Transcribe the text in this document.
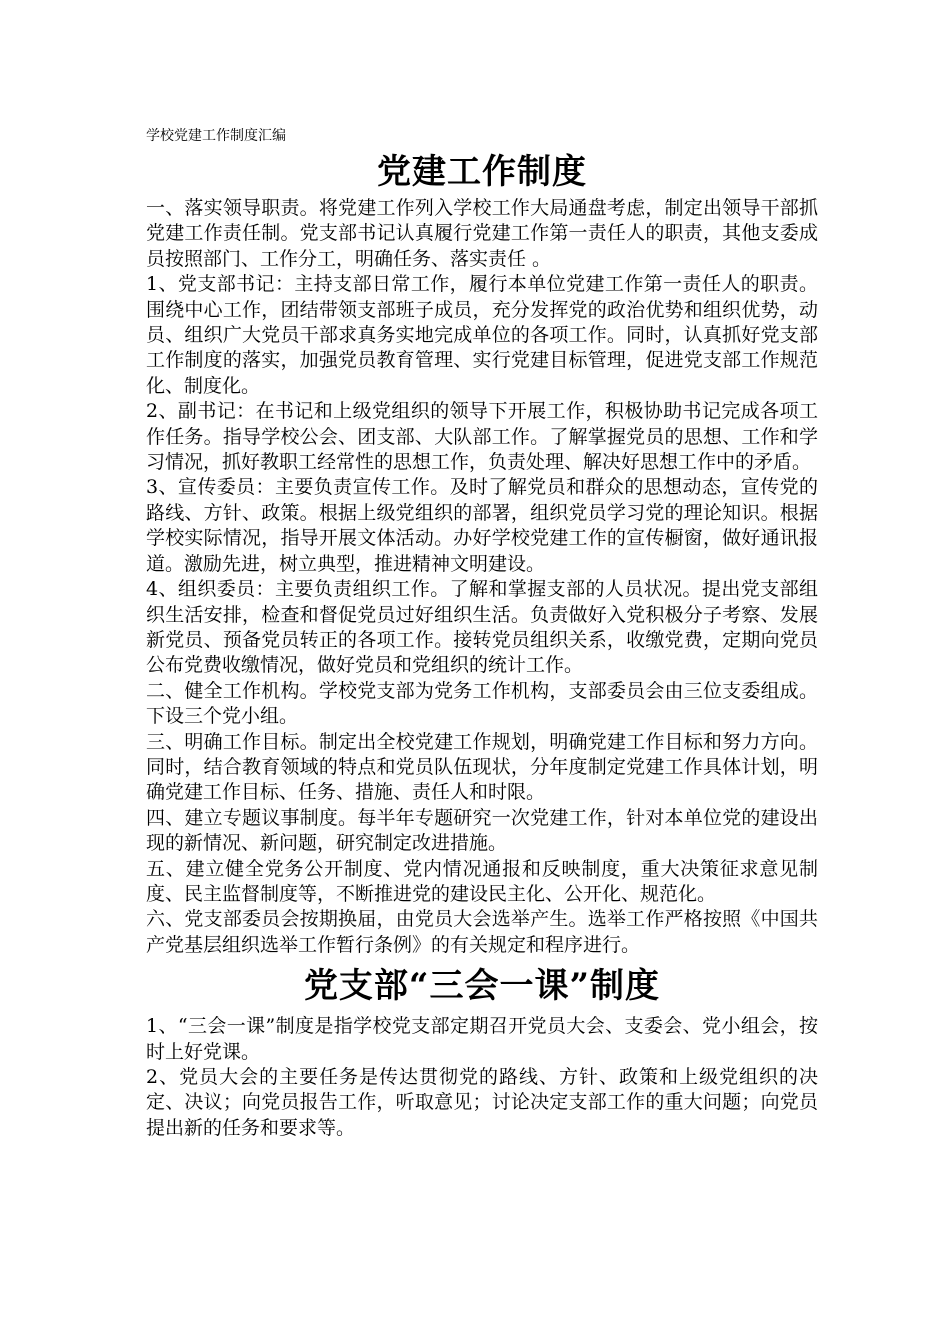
学校党建工作制度汇编
党建工作制度

一、落实领导职责。将党建工作列入学校工作大局通盘考虑，制定出领导干部抓党建工作责任制。党支部书记认真履行党建工作第一责任人的职责，其他支委成员按照部门、工作分工，明确任务、落实责任 。

1、党支部书记：主持支部日常工作，履行本单位党建工作第一责任人的职责。围绕中心工作，团结带领支部班子成员，充分发挥党的政治优势和组织优势，动员、组织广大党员干部求真务实地完成单位的各项工作。同时，认真抓好党支部工作制度的落实，加强党员教育管理、实行党建目标管理，促进党支部工作规范化、制度化。

2、副书记：在书记和上级党组织的领导下开展工作，积极协助书记完成各项工作任务。指导学校公会、团支部、大队部工作。了解掌握党员的思想、工作和学习情况，抓好教职工经常性的思想工作，负责处理、解决好思想工作中的矛盾。

3、宣传委员：主要负责宣传工作。及时了解党员和群众的思想动态，宣传党的路线、方针、政策。根据上级党组织的部署，组织党员学习党的理论知识。根据学校实际情况，指导开展文体活动。办好学校党建工作的宣传橱窗，做好通讯报道。激励先进，树立典型，推进精神文明建设。

4、组织委员：主要负责组织工作。了解和掌握支部的人员状况。提出党支部组织生活安排，检查和督促党员过好组织生活。负责做好入党积极分子考察、发展新党员、预备党员转正的各项工作。接转党员组织关系，收缴党费，定期向党员公布党费收缴情况，做好党员和党组织的统计工作。

二、健全工作机构。学校党支部为党务工作机构，支部委员会由三位支委组成。下设三个党小组。

三、明确工作目标。制定出全校党建工作规划，明确党建工作目标和努力方向。同时，结合教育领域的特点和党员队伍现状，分年度制定党建工作具体计划，明确党建工作目标、任务、措施、责任人和时限。

四、建立专题议事制度。每半年专题研究一次党建工作，针对本单位党的建设出现的新情况、新问题，研究制定改进措施。

五、建立健全党务公开制度、党内情况通报和反映制度，重大决策征求意见制度、民主监督制度等，不断推进党的建设民主化、公开化、规范化。

六、党支部委员会按期换届，由党员大会选举产生。选举工作严格按照《中国共产党基层组织选举工作暂行条例》的有关规定和程序进行。

党支部“三会一课”制度

1、“三会一课”制度是指学校党支部定期召开党员大会、支委会、党小组会，按时上好党课。

2、党员大会的主要任务是传达贯彻党的路线、方针、政策和上级党组织的决定、决议；向党员报告工作，听取意见；讨论决定支部工作的重大问题；向党员提出新的任务和要求等。
